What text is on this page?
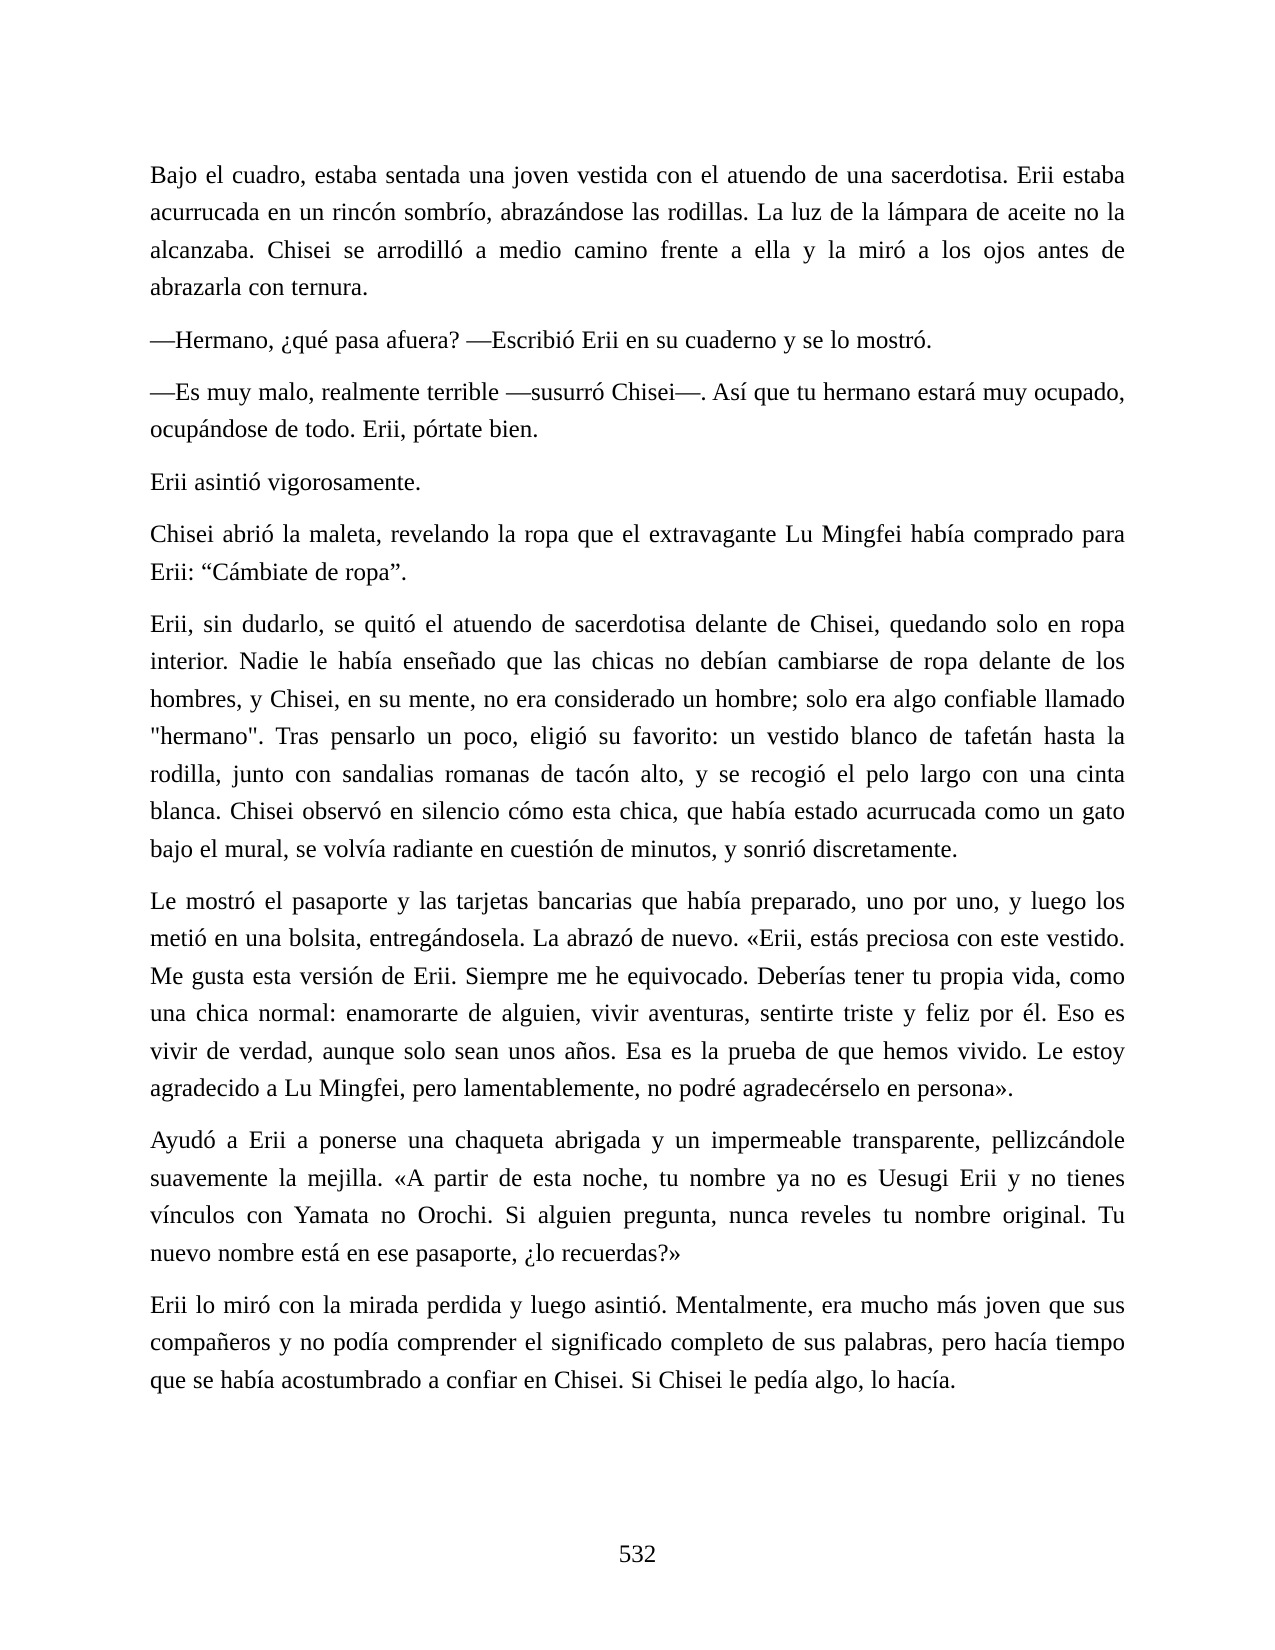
Bajo el cuadro, estaba sentada una joven vestida con el atuendo de una sacerdotisa. Erii estaba acurrucada en un rincón sombrío, abrazándose las rodillas. La luz de la lámpara de aceite no la alcanzaba. Chisei se arrodilló a medio camino frente a ella y la miró a los ojos antes de abrazarla con ternura.

—Hermano, ¿qué pasa afuera? —Escribió Erii en su cuaderno y se lo mostró.

—Es muy malo, realmente terrible —susurró Chisei—. Así que tu hermano estará muy ocupado, ocupándose de todo. Erii, pórtate bien.

Erii asintió vigorosamente.

Chisei abrió la maleta, revelando la ropa que el extravagante Lu Mingfei había comprado para Erii: “Cámbiate de ropa”.

Erii, sin dudarlo, se quitó el atuendo de sacerdotisa delante de Chisei, quedando solo en ropa interior. Nadie le había enseñado que las chicas no debían cambiarse de ropa delante de los hombres, y Chisei, en su mente, no era considerado un hombre; solo era algo confiable llamado "hermano". Tras pensarlo un poco, eligió su favorito: un vestido blanco de tafetán hasta la rodilla, junto con sandalias romanas de tacón alto, y se recogió el pelo largo con una cinta blanca. Chisei observó en silencio cómo esta chica, que había estado acurrucada como un gato bajo el mural, se volvía radiante en cuestión de minutos, y sonrió discretamente.

Le mostró el pasaporte y las tarjetas bancarias que había preparado, uno por uno, y luego los metió en una bolsita, entregándosela. La abrazó de nuevo. «Erii, estás preciosa con este vestido. Me gusta esta versión de Erii. Siempre me he equivocado. Deberías tener tu propia vida, como una chica normal: enamorarte de alguien, vivir aventuras, sentirte triste y feliz por él. Eso es vivir de verdad, aunque solo sean unos años. Esa es la prueba de que hemos vivido. Le estoy agradecido a Lu Mingfei, pero lamentablemente, no podré agradecérselo en persona».

Ayudó a Erii a ponerse una chaqueta abrigada y un impermeable transparente, pellizcándole suavemente la mejilla. «A partir de esta noche, tu nombre ya no es Uesugi Erii y no tienes vínculos con Yamata no Orochi. Si alguien pregunta, nunca reveles tu nombre original. Tu nuevo nombre está en ese pasaporte, ¿lo recuerdas?»

Erii lo miró con la mirada perdida y luego asintió. Mentalmente, era mucho más joven que sus compañeros y no podía comprender el significado completo de sus palabras, pero hacía tiempo que se había acostumbrado a confiar en Chisei. Si Chisei le pedía algo, lo hacía.

532
